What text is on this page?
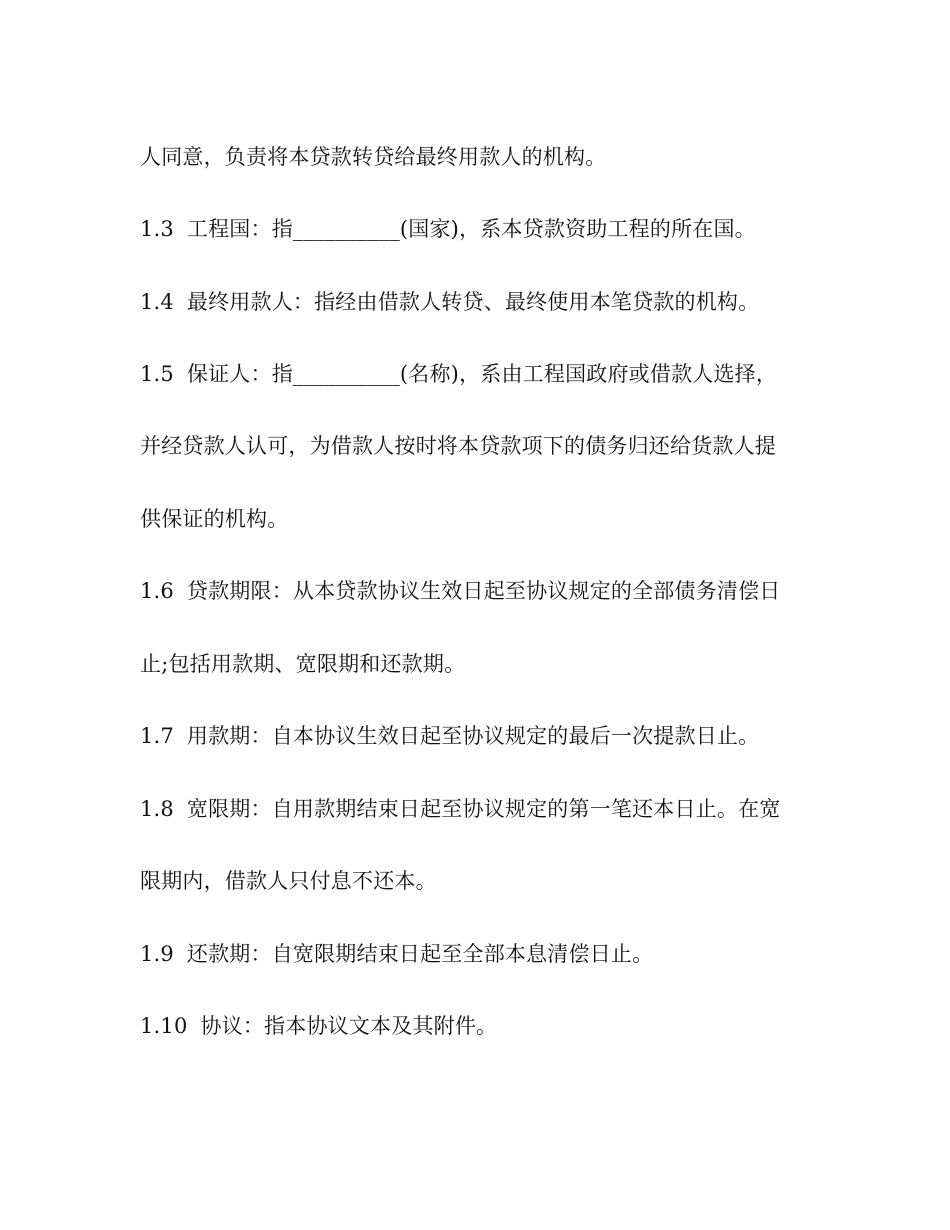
人同意，负责将本贷款转贷给最终用款人的机构。
1.3 工程国：指__________(国家)，系本贷款资助工程的所在国。
1.4 最终用款人：指经由借款人转贷、最终使用本笔贷款的机构。
1.5 保证人：指__________(名称)，系由工程国政府或借款人选择，
并经贷款人认可，为借款人按时将本贷款项下的债务归还给货款人提
供保证的机构。
1.6 贷款期限：从本贷款协议生效日起至协议规定的全部债务清偿日
止;包括用款期、宽限期和还款期。
1.7 用款期：自本协议生效日起至协议规定的最后一次提款日止。
1.8 宽限期：自用款期结束日起至协议规定的第一笔还本日止。在宽
限期内，借款人只付息不还本。
1.9 还款期：自宽限期结束日起至全部本息清偿日止。
1.10 协议：指本协议文本及其附件。
